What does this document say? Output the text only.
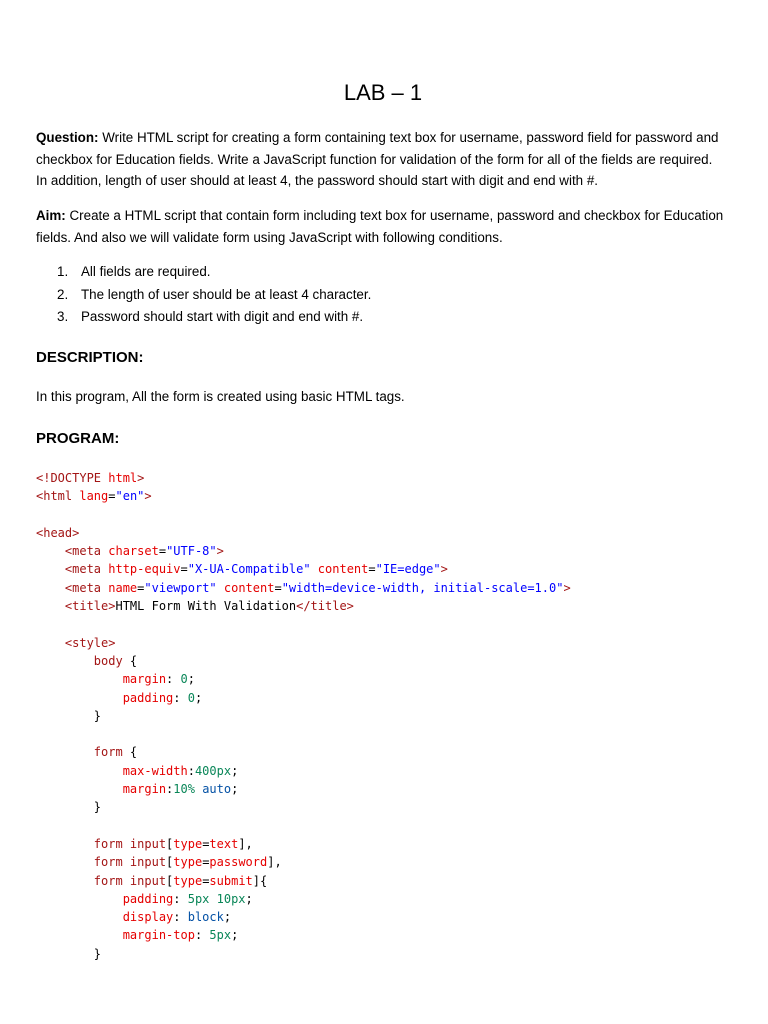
LAB – 1

Question: Write HTML script for creating a form containing text box for username, password field for password and checkbox for Education fields. Write a JavaScript function for validation of the form for all of the fields are required. In addition, length of user should at least 4, the password should start with digit and end with #.

Aim: Create a HTML script that contain form including text box for username, password and checkbox for Education fields. And also we will validate form using JavaScript with following conditions.

1. All fields are required.
2. The length of user should be at least 4 character.
3. Password should start with digit and end with #.
DESCRIPTION:

In this program, All the form is created using basic HTML tags.

PROGRAM:
<!DOCTYPE html>
<html lang="en">
<head>
<meta charset="UTF-8">
<meta http-equiv="X-UA-Compatible" content="IE=edge">
<meta name="viewport" content="width=device-width, initial-scale=1.0">
<title>HTML Form With Validation</title>
<style>
body {
margin: 0;
padding: 0;
}
form {
max-width:400px;
margin:10% auto;
}
form input[type=text],
form input[type=password],
form input[type=submit]{
padding: 5px 10px;
display: block;
margin-top: 5px;
}
